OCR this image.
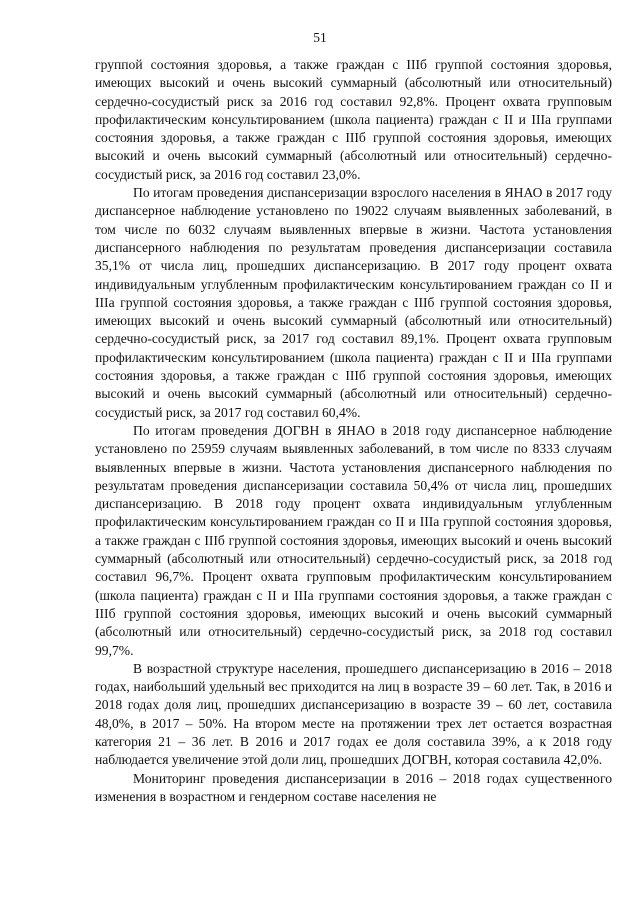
51

группой состояния здоровья, а также граждан с IIIб группой состояния здоровья, имеющих высокий и очень высокий суммарный (абсолютный или относительный) сердечно-сосудистый риск за 2016 год составил 92,8%. Процент охвата групповым профилактическим консультированием (школа пациента) граждан с II и IIIа группами состояния здоровья, а также граждан с IIIб группой состояния здоровья, имеющих высокий и очень высокий суммарный (абсолютный или относительный) сердечно-сосудистый риск, за 2016 год составил 23,0%.

По итогам проведения диспансеризации взрослого населения в ЯНАО в 2017 году диспансерное наблюдение установлено по 19022 случаям выявленных заболеваний, в том числе по 6032 случаям выявленных впервые в жизни. Частота установления диспансерного наблюдения по результатам проведения диспансеризации составила 35,1% от числа лиц, прошедших диспансеризацию. В 2017 году процент охвата индивидуальным углубленным профилактическим консультированием граждан со II и IIIа группой состояния здоровья, а также граждан с IIIб группой состояния здоровья, имеющих высокий и очень высокий суммарный (абсолютный или относительный) сердечно-сосудистый риск, за 2017 год составил 89,1%. Процент охвата групповым профилактическим консультированием (школа пациента) граждан с II и IIIа группами состояния здоровья, а также граждан с IIIб группой состояния здоровья, имеющих высокий и очень высокий суммарный (абсолютный или относительный) сердечно-сосудистый риск, за 2017 год составил 60,4%.

По итогам проведения ДОГВН в ЯНАО в 2018 году диспансерное наблюдение установлено по 25959 случаям выявленных заболеваний, в том числе по 8333 случаям выявленных впервые в жизни. Частота установления диспансерного наблюдения по результатам проведения диспансеризации составила 50,4% от числа лиц, прошедших диспансеризацию. В 2018 году процент охвата индивидуальным углубленным профилактическим консультированием граждан со II и IIIа группой состояния здоровья, а также граждан с IIIб группой состояния здоровья, имеющих высокий и очень высокий суммарный (абсолютный или относительный) сердечно-сосудистый риск, за 2018 год составил 96,7%. Процент охвата групповым профилактическим консультированием (школа пациента) граждан с II и IIIа группами состояния здоровья, а также граждан с IIIб группой состояния здоровья, имеющих высокий и очень высокий суммарный (абсолютный или относительный) сердечно-сосудистый риск, за 2018 год составил 99,7%.

В возрастной структуре населения, прошедшего диспансеризацию в 2016 – 2018 годах, наибольший удельный вес приходится на лиц в возрасте 39 – 60 лет. Так, в 2016 и 2018 годах доля лиц, прошедших диспансеризацию в возрасте 39 – 60 лет, составила 48,0%, в 2017 – 50%. На втором месте на протяжении трех лет остается возрастная категория 21 – 36 лет. В 2016 и 2017 годах ее доля составила 39%, а к 2018 году наблюдается увеличение этой доли лиц, прошедших ДОГВН, которая составила 42,0%.

Мониторинг проведения диспансеризации в 2016 – 2018 годах существенного изменения в возрастном и гендерном составе населения не
